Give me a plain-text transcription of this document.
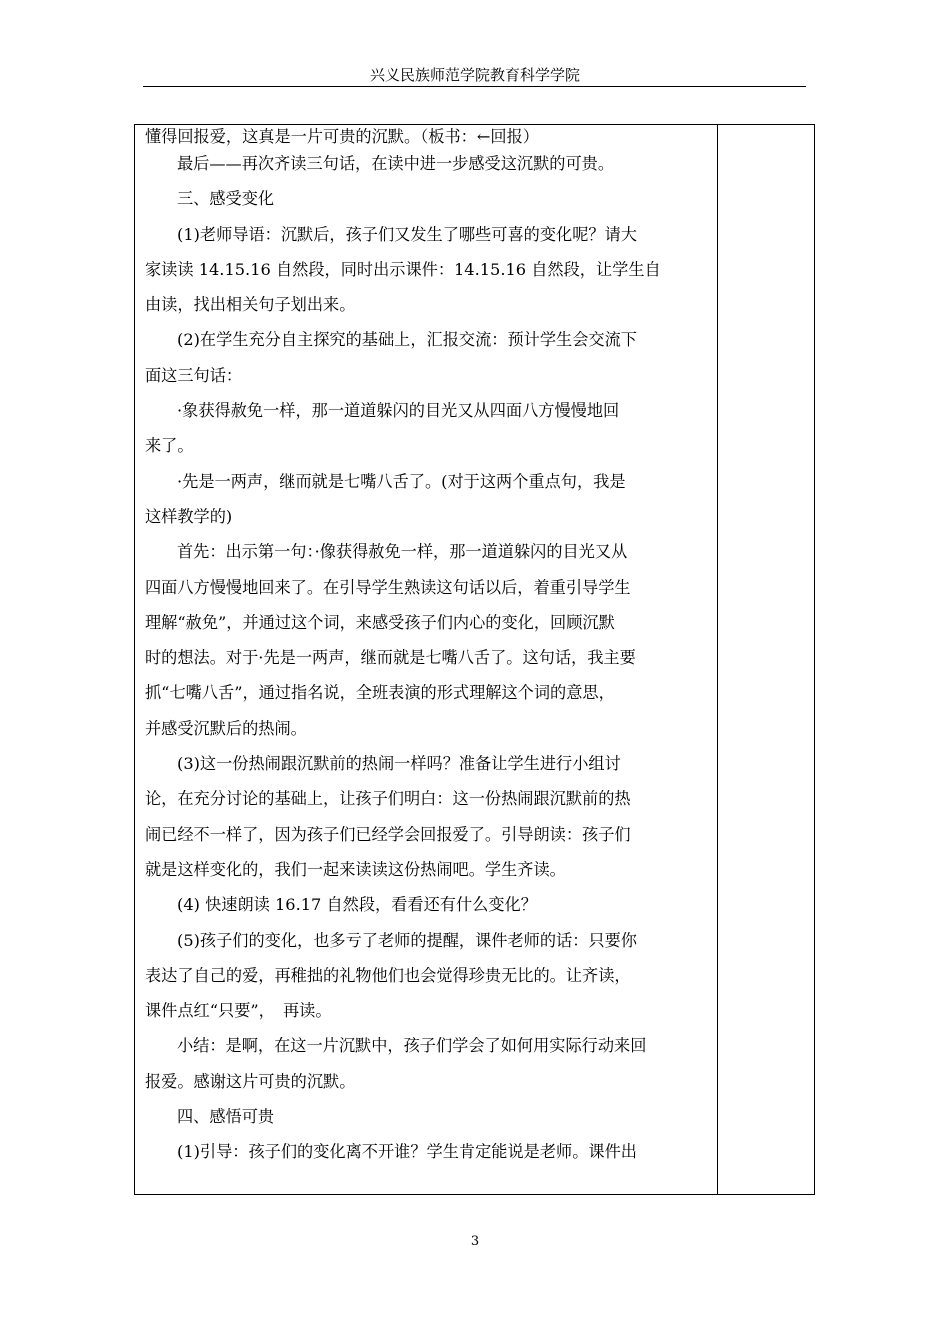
兴义民族师范学院教育科学学院
懂得回报爱，这真是一片可贵的沉默。（板书：←回报）
最后——再次齐读三句话，在读中进一步感受这沉默的可贵。
三、感受变化
(1)老师导语：沉默后，孩子们又发生了哪些可喜的变化呢？请大
家读读 14.15.16 自然段，同时出示课件：14.15.16 自然段，让学生自
由读，找出相关句子划出来。
(2)在学生充分自主探究的基础上，汇报交流：预计学生会交流下
面这三句话：
·象获得赦免一样，那一道道躲闪的目光又从四面八方慢慢地回
来了。
·先是一两声，继而就是七嘴八舌了。(对于这两个重点句，我是
这样教学的)
首先：出示第一句：·像获得赦免一样，那一道道躲闪的目光又从
四面八方慢慢地回来了。在引导学生熟读这句话以后，着重引导学生
理解“赦免”，并通过这个词，来感受孩子们内心的变化，回顾沉默
时的想法。对于·先是一两声，继而就是七嘴八舌了。这句话，我主要
抓“七嘴八舌”，通过指名说，全班表演的形式理解这个词的意思，
并感受沉默后的热闹。
(3)这一份热闹跟沉默前的热闹一样吗？准备让学生进行小组讨
论，在充分讨论的基础上，让孩子们明白：这一份热闹跟沉默前的热
闹已经不一样了，因为孩子们已经学会回报爱了。引导朗读：孩子们
就是这样变化的，我们一起来读读这份热闹吧。学生齐读。
(4) 快速朗读 16.17 自然段，看看还有什么变化？
(5)孩子们的变化，也多亏了老师的提醒，课件老师的话：只要你
表达了自己的爱，再稚拙的礼物他们也会觉得珍贵无比的。让齐读，
课件点红“只要”，　再读。
小结：是啊，在这一片沉默中，孩子们学会了如何用实际行动来回
报爱。感谢这片可贵的沉默。
四、感悟可贵
(1)引导：孩子们的变化离不开谁？学生肯定能说是老师。课件出
3
